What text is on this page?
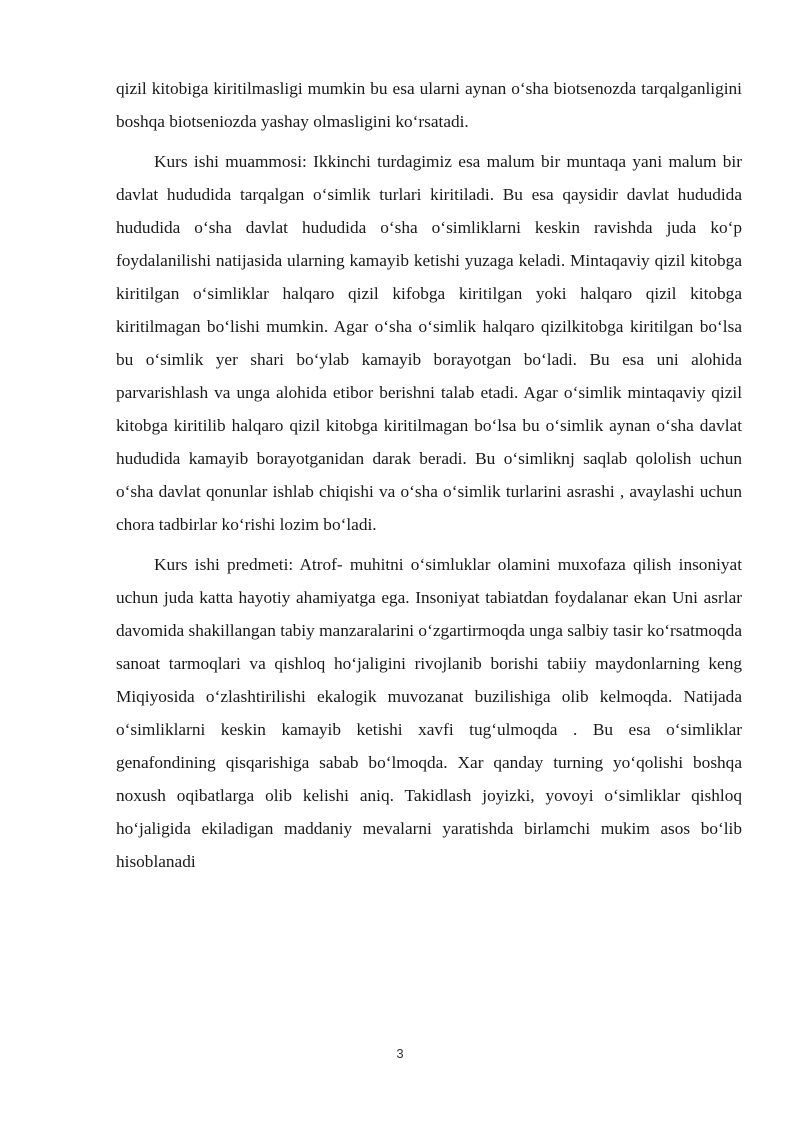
qizil kitobiga kiritilmasligi mumkin bu esa ularni aynan o‘sha biotsenozda tarqalganligini boshqa biotseniozda yashay olmasligini ko‘rsatadi.

Kurs ishi muammosi: Ikkinchi turdagimiz esa malum bir muntaqa yani malum bir davlat hududida tarqalgan o‘simlik turlari kiritiladi. Bu esa qaysidir davlat hududida hududida o‘sha davlat hududida o‘sha o‘simliklarni keskin ravishda juda ko‘p foydalanilishi natijasida ularning kamayib ketishi yuzaga keladi. Mintaqaviy qizil kitobga kiritilgan o‘simliklar halqaro qizil kifobga kiritilgan yoki halqaro qizil kitobga kiritilmagan bo‘lishi mumkin. Agar o‘sha o‘simlik halqaro qizilkitobga kiritilgan bo‘lsa bu o‘simlik yer shari bo‘ylab kamayib borayotgan bo‘ladi. Bu esa uni alohida parvarishlash va unga alohida etibor berishni talab etadi. Agar o‘simlik mintaqaviy qizil kitobga kiritilib halqaro qizil kitobga kiritilmagan bo‘lsa bu o‘simlik aynan o‘sha davlat hududida kamayib borayotganidan darak beradi. Bu o‘simliknj saqlab qololish uchun o‘sha davlat qonunlar ishlab chiqishi va o‘sha o‘simlik turlarini asrashi , avaylashi uchun chora tadbirlar ko‘rishi lozim bo‘ladi.

Kurs ishi predmeti: Atrof- muhitni o‘simluklar olamini muxofaza qilish insoniyat uchun juda katta hayotiy ahamiyatga ega. Insoniyat tabiatdan foydalanar ekan Uni asrlar davomida shakillangan tabiy manzaralarini o‘zgartirmoqda unga salbiy tasir ko‘rsatmoqda sanoat tarmoqlari va qishloq ho‘jaligini rivojlanib borishi tabiiy maydonlarning keng Miqiyosida o‘zlashtirilishi ekalogik muvozanat buzilishiga olib kelmoqda. Natijada o‘simliklarni keskin kamayib ketishi xavfi tug‘ulmoqda . Bu esa o‘simliklar genafondining qisqarishiga sabab bo‘lmoqda. Xar qanday turning yo‘qolishi boshqa noxush oqibatlarga olib kelishi aniq. Takidlash joyizki, yovoyi o‘simliklar qishloq ho‘jaligida ekiladigan maddaniy mevalarni yaratishda birlamchi mukim asos bo‘lib hisoblanadi

3
